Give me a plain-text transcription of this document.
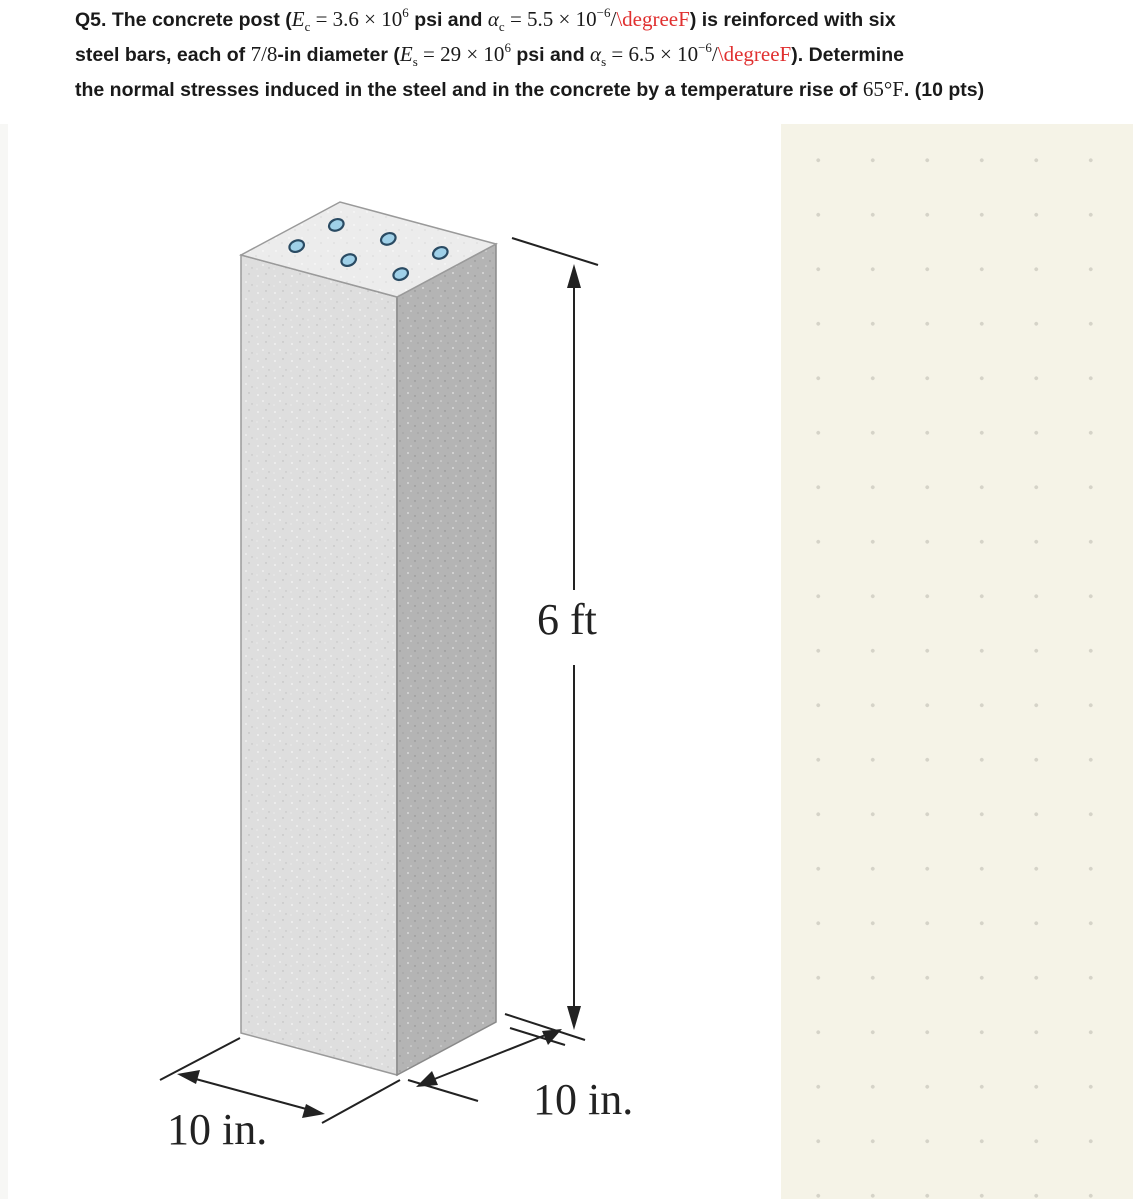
Q5. The concrete post ($E_c = 3.6 \times 10^6$ psi and $\alpha_c = 5.5$ × $10^{-6}/\backslash degreeF$) is reinforced with six
steel bars, each of 7/8-in diameter ($E_s = 29 \times 10^6$ psi and $\alpha_s = 6.5$ × $10^{-6}/\backslash degreeF$). Determine
the normal stresses induced in the steel and in the concrete by a temperature rise of 65°F. (10 pts)

6 ft
10 in.
10 in.
